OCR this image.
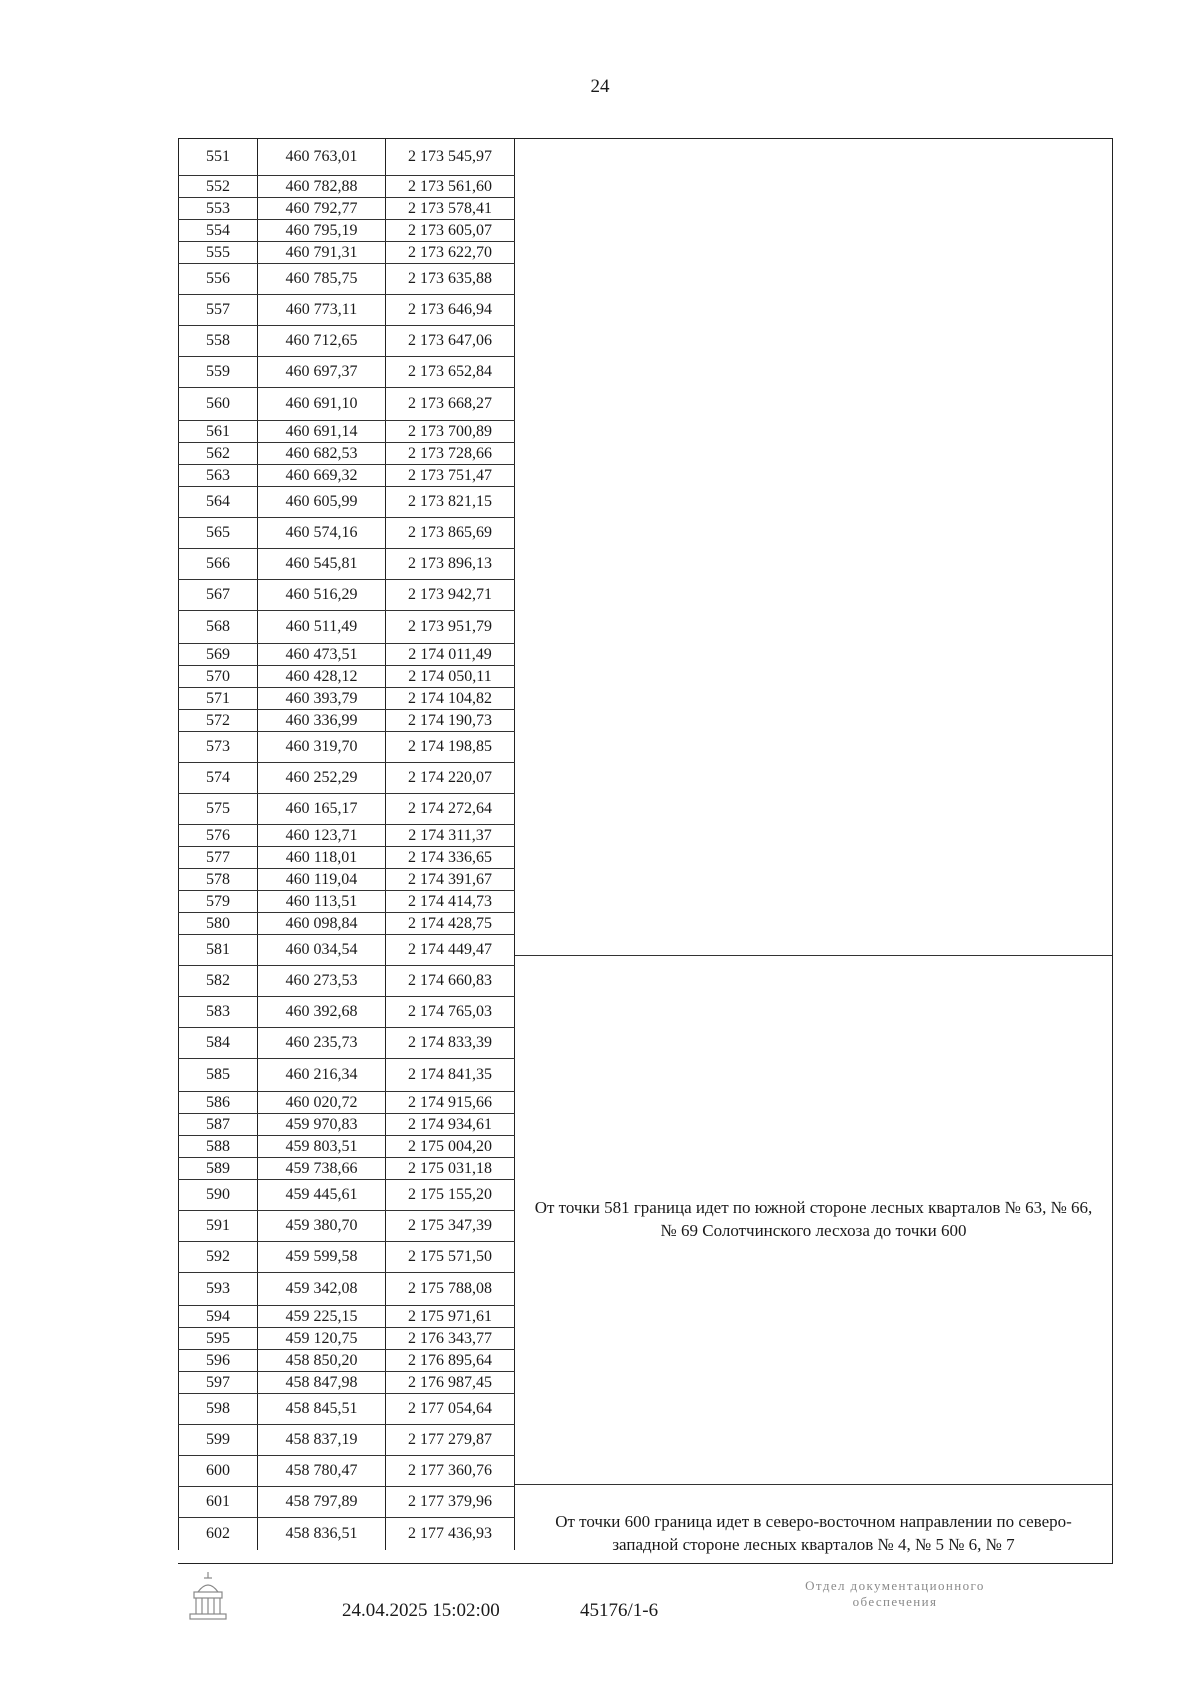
24
551	460 763,01	2 173 545,97
552	460 782,88	2 173 561,60
553	460 792,77	2 173 578,41
554	460 795,19	2 173 605,07
555	460 791,31	2 173 622,70
556	460 785,75	2 173 635,88
557	460 773,11	2 173 646,94
558	460 712,65	2 173 647,06
559	460 697,37	2 173 652,84
560	460 691,10	2 173 668,27
561	460 691,14	2 173 700,89
562	460 682,53	2 173 728,66
563	460 669,32	2 173 751,47
564	460 605,99	2 173 821,15
565	460 574,16	2 173 865,69
566	460 545,81	2 173 896,13
567	460 516,29	2 173 942,71
568	460 511,49	2 173 951,79
569	460 473,51	2 174 011,49
570	460 428,12	2 174 050,11
571	460 393,79	2 174 104,82
572	460 336,99	2 174 190,73
573	460 319,70	2 174 198,85
574	460 252,29	2 174 220,07
575	460 165,17	2 174 272,64
576	460 123,71	2 174 311,37
577	460 118,01	2 174 336,65
578	460 119,04	2 174 391,67
579	460 113,51	2 174 414,73
580	460 098,84	2 174 428,75
581	460 034,54	2 174 449,47
582	460 273,53	2 174 660,83
583	460 392,68	2 174 765,03
584	460 235,73	2 174 833,39
585	460 216,34	2 174 841,35
586	460 020,72	2 174 915,66
587	459 970,83	2 174 934,61
588	459 803,51	2 175 004,20
589	459 738,66	2 175 031,18
590	459 445,61	2 175 155,20
591	459 380,70	2 175 347,39
592	459 599,58	2 175 571,50
593	459 342,08	2 175 788,08
594	459 225,15	2 175 971,61
595	459 120,75	2 176 343,77
596	458 850,20	2 176 895,64
597	458 847,98	2 176 987,45
598	458 845,51	2 177 054,64
599	458 837,19	2 177 279,87
600	458 780,47	2 177 360,76
601	458 797,89	2 177 379,96
602	458 836,51	2 177 436,93
От точки 581 граница идет по южной стороне лесных кварталов № 63, № 66, № 69 Солотчинского лесхоза до точки 600
От точки 600 граница идет в северо-восточном направлении по северо-западной стороне лесных кварталов № 4, № 5 № 6, № 7
24.04.2025 15:02:00	45176/1-6
Отдел документационного
обеспечения
